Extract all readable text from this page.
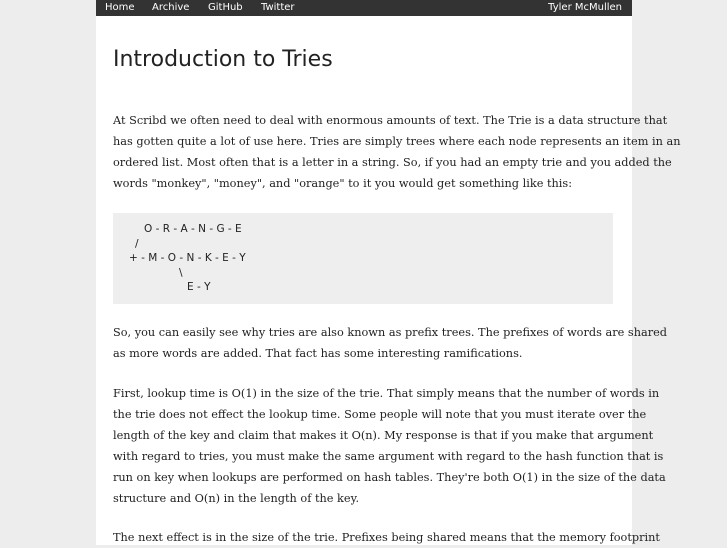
Home Archive GitHub Twitter	Tyler McMullen
Introduction to Tries
At Scribd we often need to deal with enormous amounts of text. The Trie is a data structure that
has gotten quite a lot of use here. Tries are simply trees where each node represents an item in an
ordered list. Most often that is a letter in a string. So, if you had an empty trie and you added the
words "monkey", "money", and "orange" to it you would get something like this:
O - R - A - N - G - E
/
+ - M - O - N - K - E - Y
\
E - Y
So, you can easily see why tries are also known as prefix trees. The prefixes of words are shared
as more words are added. That fact has some interesting ramifications.
First, lookup time is O(1) in the size of the trie. That simply means that the number of words in
the trie does not effect the lookup time. Some people will note that you must iterate over the
length of the key and claim that makes it O(n). My response is that if you make that argument
with regard to tries, you must make the same argument with regard to the hash function that is
run on key when lookups are performed on hash tables. They're both O(1) in the size of the data
structure and O(n) in the length of the key.
The next effect is in the size of the trie. Prefixes being shared means that the memory footprint
